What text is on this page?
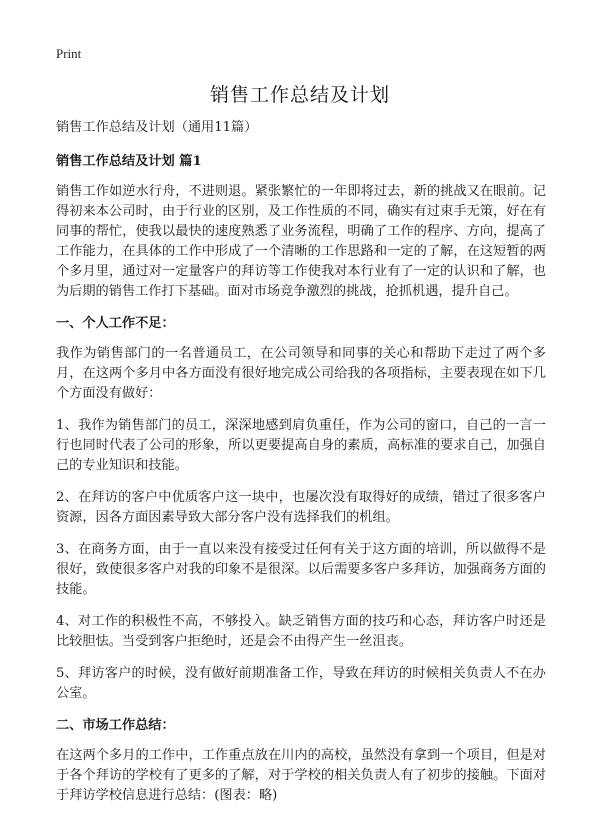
Print
销售工作总结及计划

销售工作总结及计划（通用11篇）

销售工作总结及计划 篇1

销售工作如逆水行舟，不进则退。紧张繁忙的一年即将过去，新的挑战又在眼前。记得初来本公司时，由于行业的区别，及工作性质的不同，确实有过束手无策，好在有同事的帮忙，使我以最快的速度熟悉了业务流程，明确了工作的程序、方向，提高了工作能力，在具体的工作中形成了一个清晰的工作思路和一定的了解，在这短暂的两个多月里，通过对一定量客户的拜访等工作使我对本行业有了一定的认识和了解，也为后期的销售工作打下基础。面对市场竞争激烈的挑战，抢抓机遇，提升自己。

一、个人工作不足：

我作为销售部门的一名普通员工，在公司领导和同事的关心和帮助下走过了两个多月，在这两个多月中各方面没有很好地完成公司给我的各项指标，主要表现在如下几个方面没有做好：

1、我作为销售部门的员工，深深地感到肩负重任，作为公司的窗口，自己的一言一行也同时代表了公司的形象，所以更要提高自身的素质，高标准的要求自己，加强自己的专业知识和技能。

2、在拜访的客户中优质客户这一块中，也屡次没有取得好的成绩，错过了很多客户资源，因各方面因素导致大部分客户没有选择我们的机组。

3、在商务方面，由于一直以来没有接受过任何有关于这方面的培训，所以做得不是很好，致使很多客户对我的印象不是很深。以后需要多客户多拜访，加强商务方面的技能。

4、对工作的积极性不高，不够投入。缺乏销售方面的技巧和心态，拜访客户时还是比较胆怯。当受到客户拒绝时，还是会不由得产生一丝沮丧。

5、拜访客户的时候，没有做好前期准备工作，导致在拜访的时候相关负责人不在办公室。

二、市场工作总结：

在这两个多月的工作中，工作重点放在川内的高校，虽然没有拿到一个项目，但是对于各个拜访的学校有了更多的了解，对于学校的相关负责人有了初步的接触。下面对于拜访学校信息进行总结：(图表：略)
